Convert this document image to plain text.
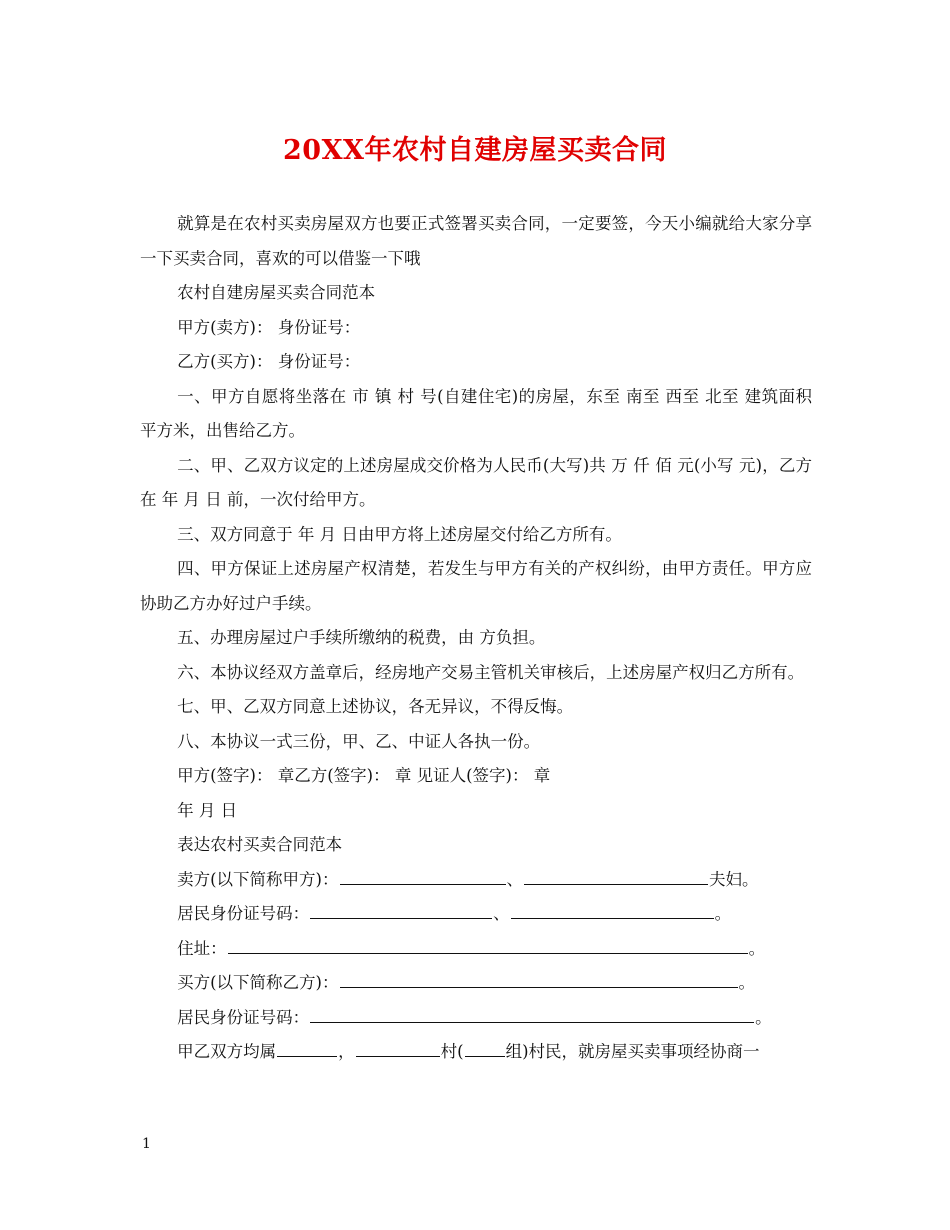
20XX年农村自建房屋买卖合同

就算是在农村买卖房屋双方也要正式签署买卖合同，一定要签，今天小编就给大家分享一下买卖合同，喜欢的可以借鉴一下哦

农村自建房屋买卖合同范本

甲方(卖方)： 身份证号：

乙方(买方)： 身份证号：

一、甲方自愿将坐落在 市 镇 村 号(自建住宅)的房屋，东至 南至 西至 北至 建筑面积 平方米，出售给乙方。

二、甲、乙双方议定的上述房屋成交价格为人民币(大写)共 万 仟 佰 元(小写 元)，乙方在 年 月 日 前，一次付给甲方。

三、双方同意于 年 月 日由甲方将上述房屋交付给乙方所有。

四、甲方保证上述房屋产权清楚，若发生与甲方有关的产权纠纷，由甲方责任。甲方应协助乙方办好过户手续。

五、办理房屋过户手续所缴纳的税费，由 方负担。

六、本协议经双方盖章后，经房地产交易主管机关审核后，上述房屋产权归乙方所有。

七、甲、乙双方同意上述协议，各无异议，不得反悔。

八、本协议一式三份，甲、乙、中证人各执一份。

甲方(签字)： 章乙方(签字)： 章 见证人(签字)： 章

年 月 日

表达农村买卖合同范本

卖方(以下简称甲方)：	、	夫妇。

居民身份证号码：	、	。

住址：	。

买方(以下简称乙方)：	。

居民身份证号码：	。

甲乙双方均属	，	村(	组)村民，就房屋买卖事项经协商一

1
